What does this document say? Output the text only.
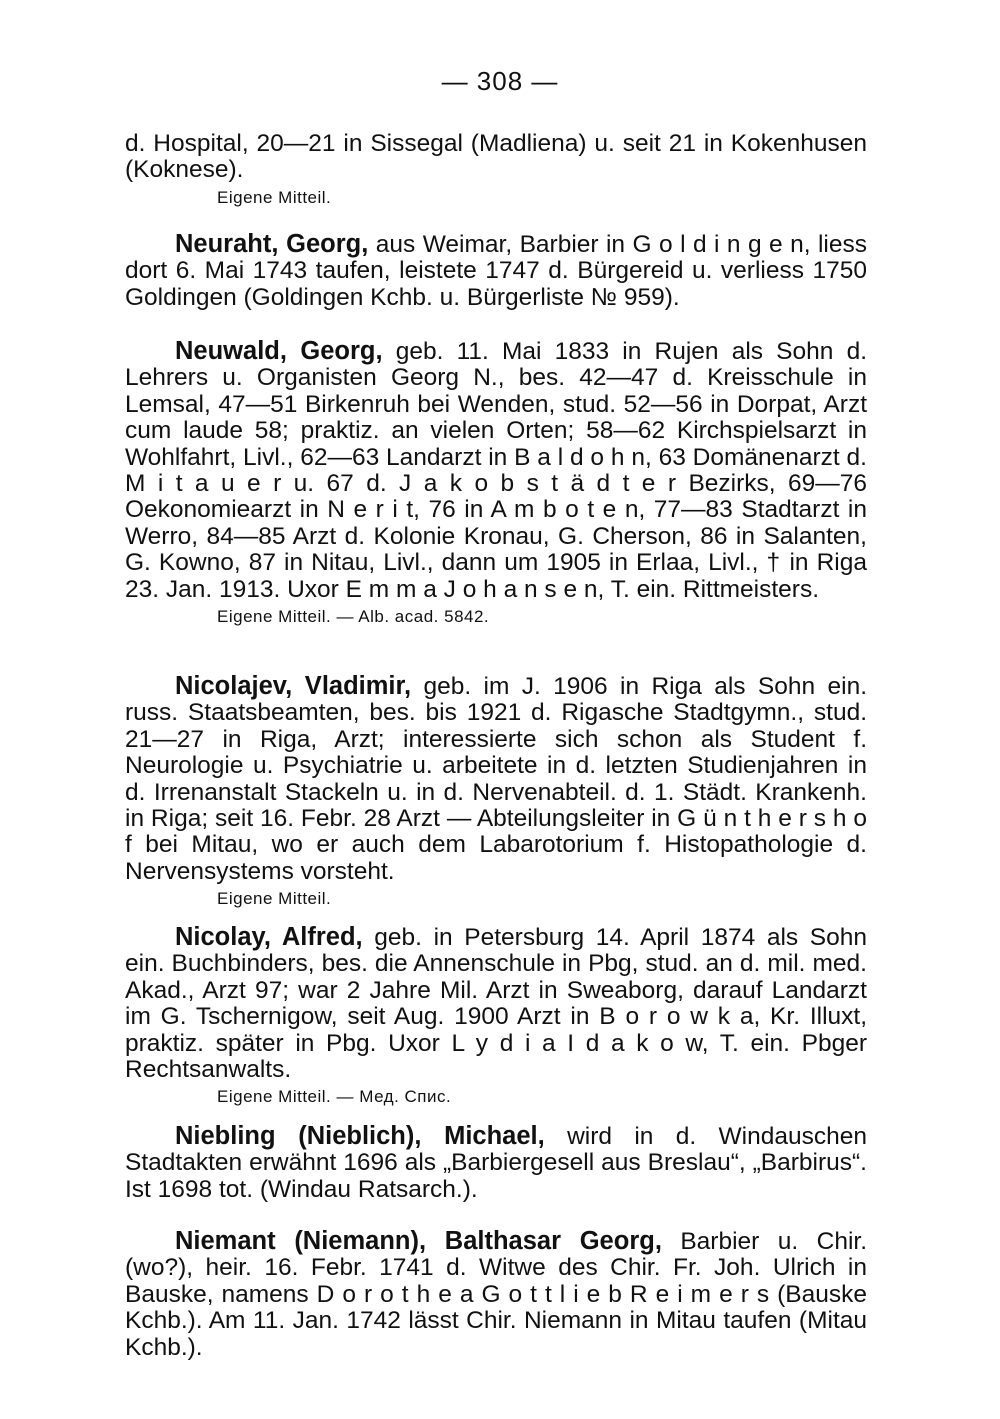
— 308 —

d. Hospital, 20—21 in Sissegal (Madliena) u. seit 21 in Kokenhusen (Koknese).

Eigene Mitteil.

Neuraht, Georg, aus Weimar, Barbier in G o l d i n g e n, liess dort 6. Mai 1743 taufen, leistete 1747 d. Bürgereid u. verliess 1750 Goldingen (Goldingen Kchb. u. Bürgerliste № 959).

Neuwald, Georg, geb. 11. Mai 1833 in Rujen als Sohn d. Lehrers u. Organisten Georg N., bes. 42—47 d. Kreisschule in Lemsal, 47—51 Birkenruh bei Wenden, stud. 52—56 in Dorpat, Arzt cum laude 58; praktiz. an vielen Orten; 58—62 Kirchspielsarzt in Wohlfahrt, Livl., 62—63 Landarzt in B a l d o h n, 63 Domänenarzt d. M i t a u e r u. 67 d. J a k o b s t ä d t e r Bezirks, 69—76 Oekonomiearzt in N e r i t, 76 in A m b o t e n, 77—83 Stadtarzt in Werro, 84—85 Arzt d. Kolonie Kronau, G. Cherson, 86 in Salanten, G. Kowno, 87 in Nitau, Livl., dann um 1905 in Erlaa, Livl., † in Riga 23. Jan. 1913. Uxor E m m a J o h a n s e n, T. ein. Rittmeisters.

Eigene Mitteil. — Alb. acad. 5842.

Nicolajev, Vladimir, geb. im J. 1906 in Riga als Sohn ein. russ. Staatsbeamten, bes. bis 1921 d. Rigasche Stadtgymn., stud. 21—27 in Riga, Arzt; interessierte sich schon als Student f. Neurologie u. Psychiatrie u. arbeitete in d. letzten Studienjahren in d. Irrenanstalt Stackeln u. in d. Nervenabteil. d. 1. Städt. Krankenh. in Riga; seit 16. Febr. 28 Arzt — Abteilungsleiter in G ü n t h e r s h o f bei Mitau, wo er auch dem Labarotorium f. Histopathologie d. Nervensystems vorsteht.

Eigene Mitteil.

Nicolay, Alfred, geb. in Petersburg 14. April 1874 als Sohn ein. Buchbinders, bes. die Annenschule in Pbg, stud. an d. mil. med. Akad., Arzt 97; war 2 Jahre Mil. Arzt in Sweaborg, darauf Landarzt im G. Tschernigow, seit Aug. 1900 Arzt in B o r o w k a, Kr. Illuxt, praktiz. später in Pbg. Uxor L y d i a I d a k o w, T. ein. Pbger Rechtsanwalts.

Eigene Mitteil. — Мед. Спис.

Niebling (Nieblich), Michael, wird in d. Windauschen Stadtakten erwähnt 1696 als „Barbiergesell aus Breslau“, „Barbirus“. Ist 1698 tot. (Windau Ratsarch.).

Niemant (Niemann), Balthasar Georg, Barbier u. Chir. (wo?), heir. 16. Febr. 1741 d. Witwe des Chir. Fr. Joh. Ulrich in Bauske, namens D o r o t h e a G o t t l i e b R e i m e r s (Bauske Kchb.). Am 11. Jan. 1742 lässt Chir. Niemann in Mitau taufen (Mitau Kchb.).
